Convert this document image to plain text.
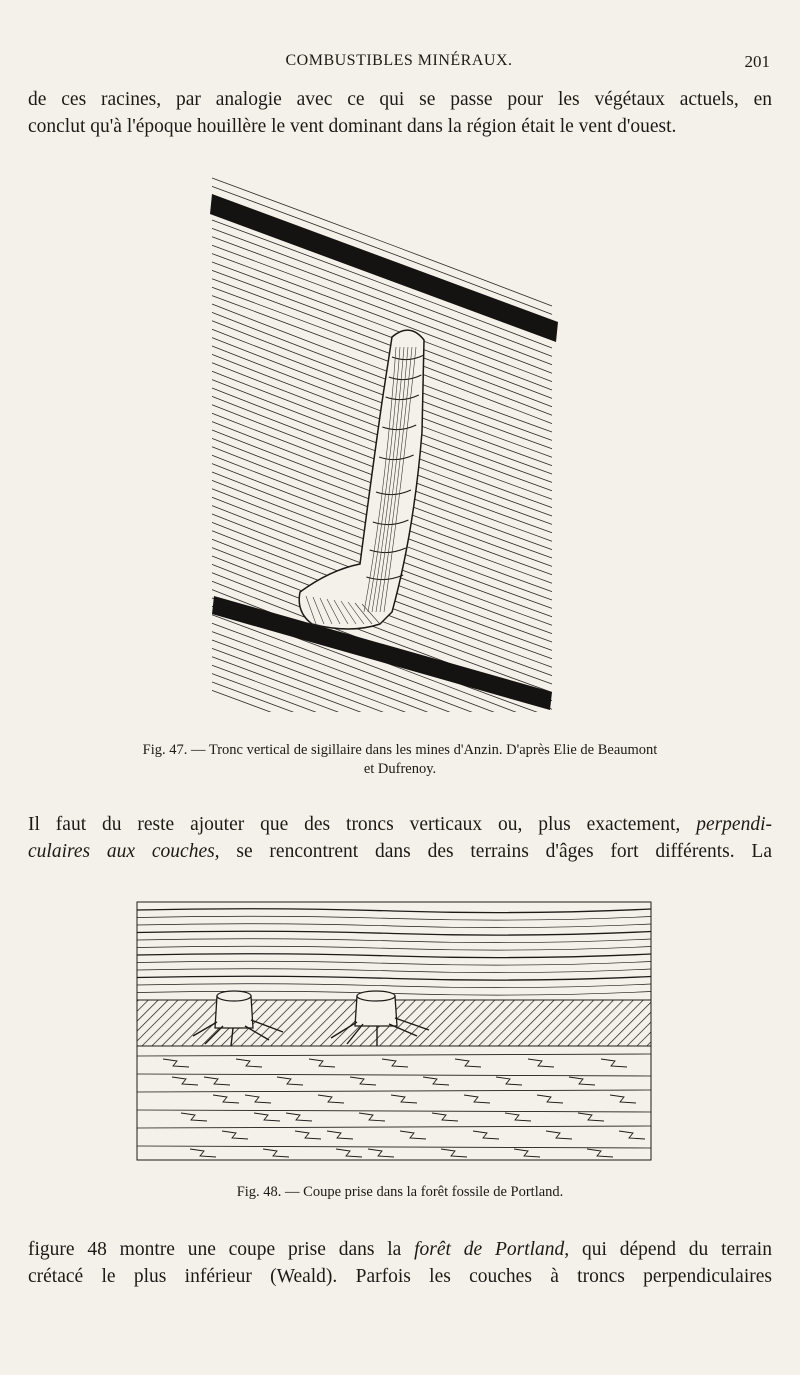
COMBUSTIBLES MINÉRAUX.	201
de ces racines, par analogie avec ce qui se passe pour les végétaux actuels, en
conclut qu'à l'époque houillère le vent dominant dans la région était le vent d'ouest.
Fig. 47. — Tronc vertical de sigillaire dans les mines d'Anzin. D'après Elie de Beaumont
et Dufrenoy.
Il faut du reste ajouter que des troncs verticaux ou, plus exactement, perpendi-
culaires aux couches, se rencontrent dans des terrains d'âges fort différents. La
Fig. 48. — Coupe prise dans la forêt fossile de Portland.
figure 48 montre une coupe prise dans la forêt de Portland, qui dépend du terrain
crétacé le plus inférieur (Weald). Parfois les couches à troncs perpendiculaires
